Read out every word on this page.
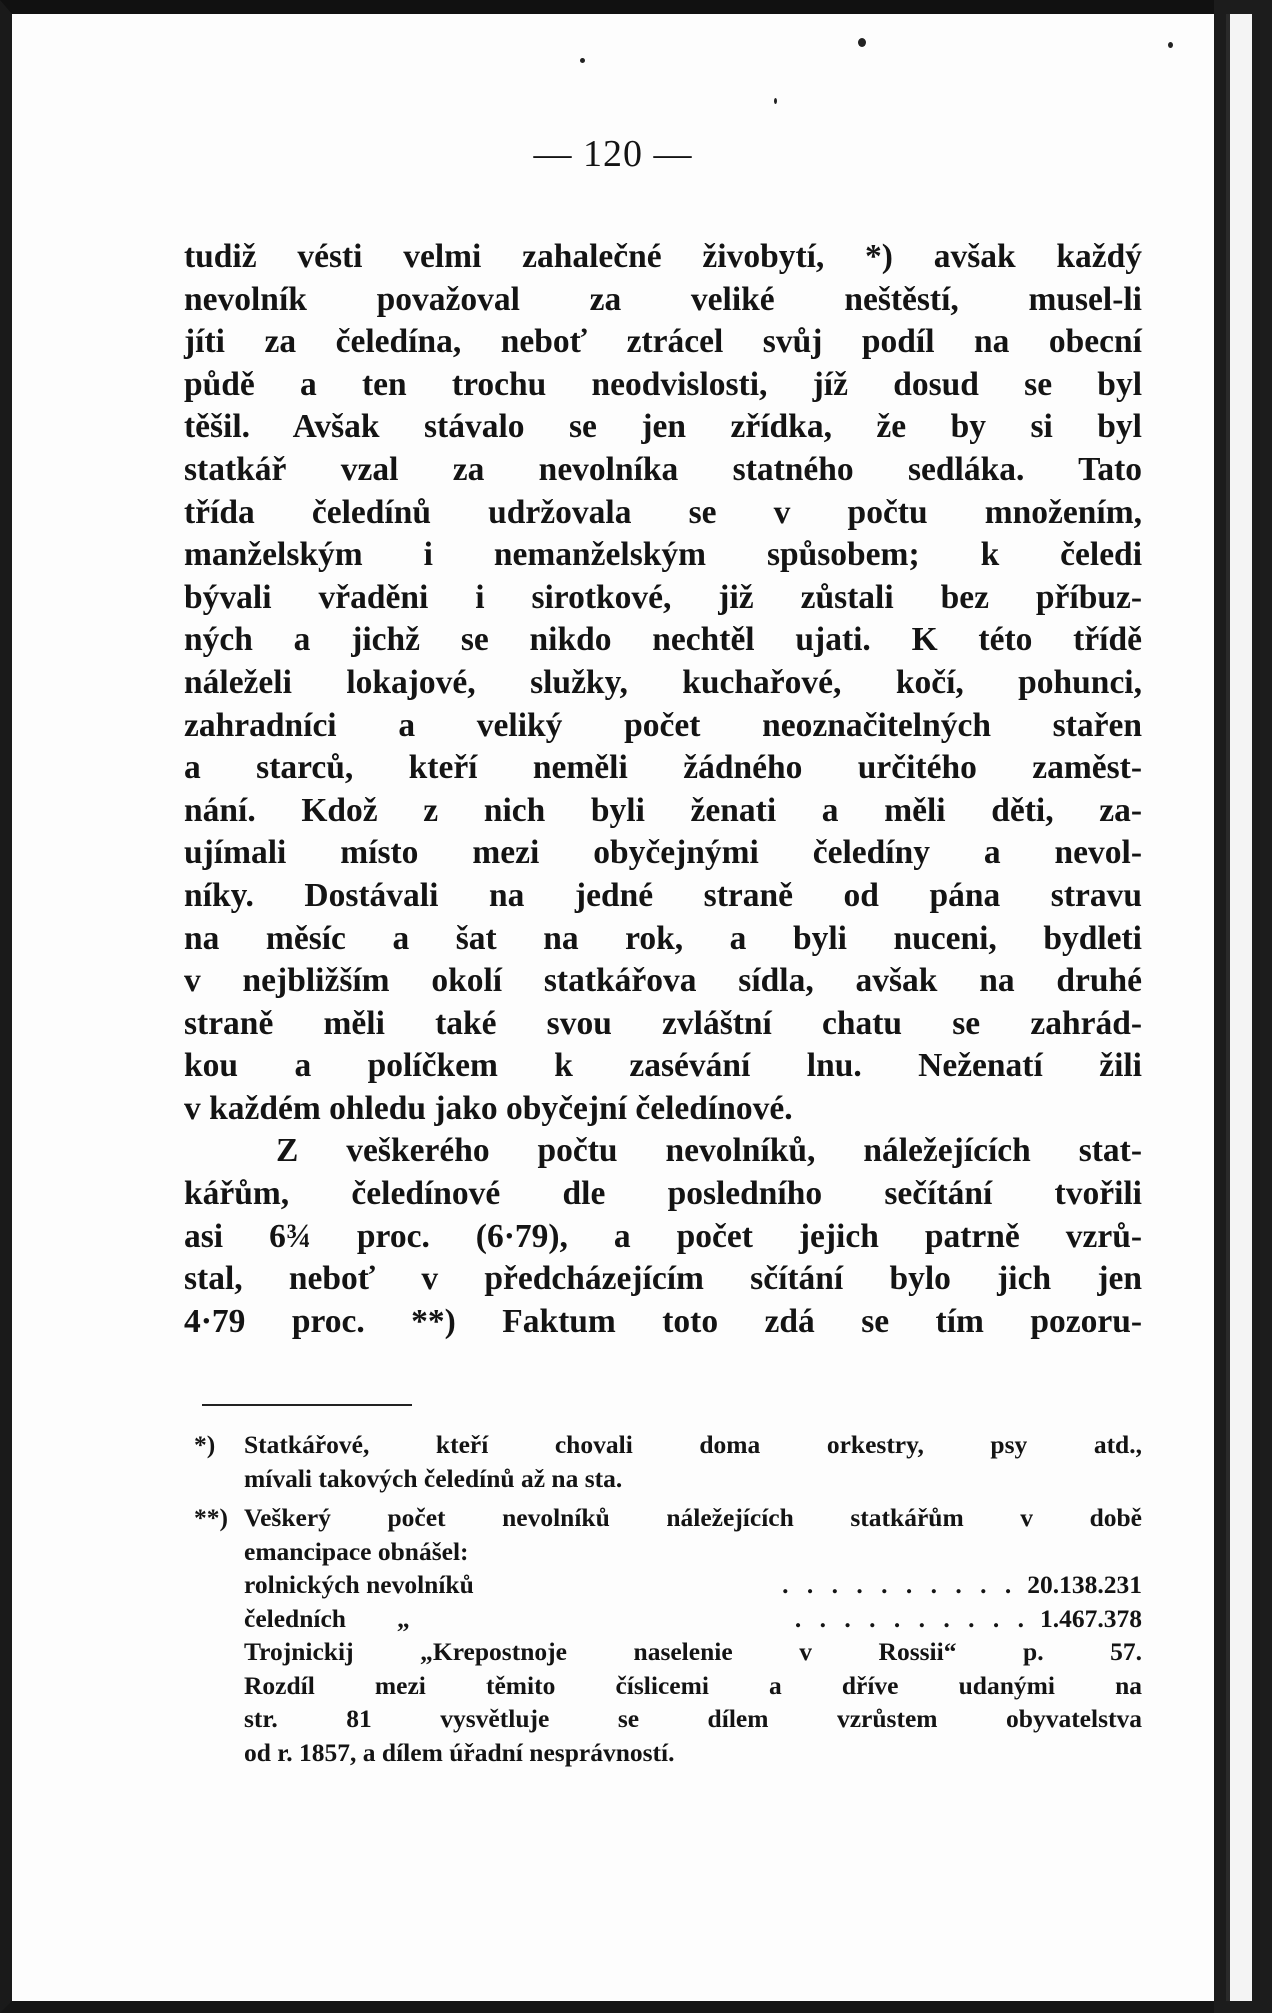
— 120 —
tudiž vésti velmi zahalečné živobytí, *) avšak každý
nevolník považoval za veliké neštěstí, musel-li
jíti za čeledína, neboť ztrácel svůj podíl na obecní
půdě a ten trochu neodvislosti, jíž dosud se byl
těšil. Avšak stávalo se jen zřídka, že by si byl
statkář vzal za nevolníka statného sedláka. Tato
třída čeledínů udržovala se v počtu množením,
manželským i nemanželským spůsobem; k čeledi
bývali vřaděni i sirotkové, již zůstali bez příbuz-
ných a jichž se nikdo nechtěl ujati. K této třídě
náleželi lokajové, služky, kuchařové, kočí, pohunci,
zahradníci a veliký počet neoznačitelných stařen
a starců, kteří neměli žádného určitého zaměst-
nání. Kdož z nich byli ženati a měli děti, za-
ujímali místo mezi obyčejnými čeledíny a nevol-
níky. Dostávali na jedné straně od pána stravu
na měsíc a šat na rok, a byli nuceni, bydleti
v nejbližším okolí statkářova sídla, avšak na druhé
straně měli také svou zvláštní chatu se zahrád-
kou a políčkem k zasévání lnu. Neženatí žili
v každém ohledu jako obyčejní čeledínové.
Z veškerého počtu nevolníků, náležejících stat-
kářům, čeledínové dle posledního sečítání tvořili
asi 6¾ proc. (6·79), a počet jejich patrně vzrů-
stal, neboť v předcházejícím sčítání bylo jich jen
4·79 proc. **) Faktum toto zdá se tím pozoru-
*) Statkářové, kteří chovali doma orkestry, psy atd.,
mívali takových čeledínů až na sta.
**) Veškerý počet nevolníků náležejících statkářům v době
emancipace obnášel:
rolnických nevolníků	. . . . . . . . . . 20.138.231
čeledních        „	. . . . . . . . . . 1.467.378
Trojnickij „Krepostnoje naselenie v Rossii“ p. 57.
Rozdíl mezi těmito číslicemi a dříve udanými na
str. 81 vysvětluje se dílem vzrůstem obyvatelstva
od r. 1857, a dílem úřadní nesprávností.
